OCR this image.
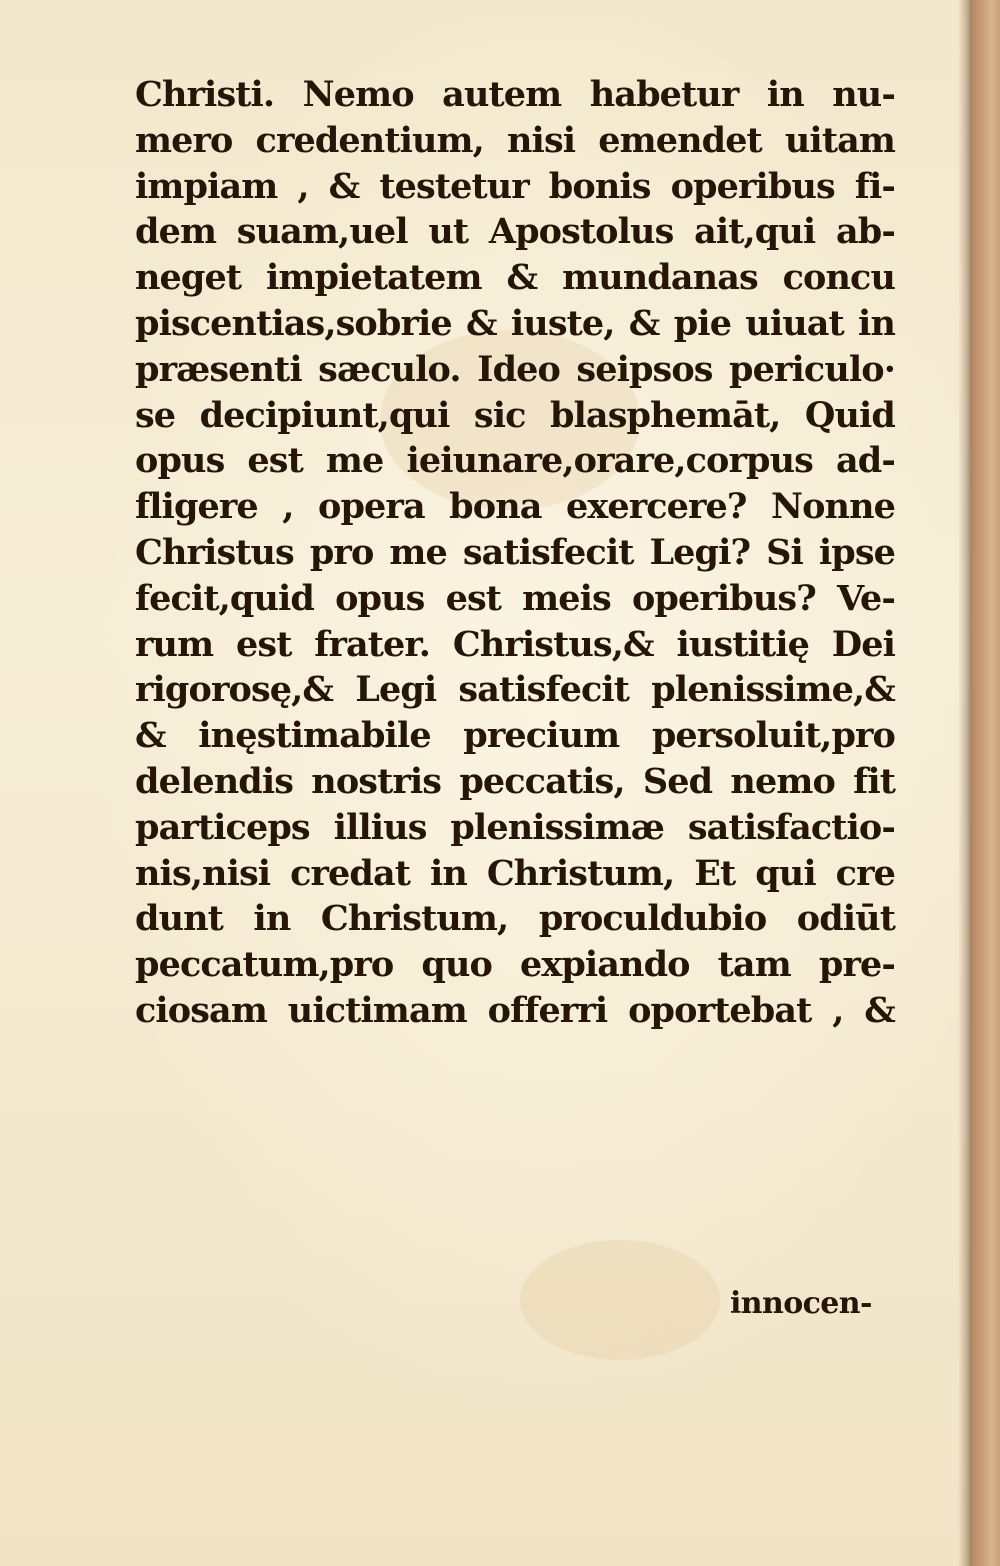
Christi. Nemo autem habetur in nu-
mero credentium, nisi emendet uitam
impiam , & testetur bonis operibus fi-
dem suam,uel ut Apostolus ait,qui ab-
neget impietatem & mundanas concu
piscentias,sobrie & iuste, & pie uiuat in
præsenti sæculo. Ideo seipsos periculo·
se decipiunt,qui sic blasphemāt, Quid
opus est me ieiunare,orare,corpus ad-
fligere , opera bona exercere? Nonne
Christus pro me satisfecit Legi? Si ipse
fecit,quid opus est meis operibus? Ve-
rum est frater. Christus,& iustitię Dei
rigorosę,& Legi satisfecit plenissime,&
& inęstimabile precium persoluit,pro
delendis nostris peccatis, Sed nemo fit
particeps illius plenissimæ satisfactio-
nis,nisi credat in Christum, Et qui cre
dunt in Christum, proculdubio odiūt
peccatum,pro quo expiando tam pre-
ciosam uictimam offerri oportebat , &
innocen-
